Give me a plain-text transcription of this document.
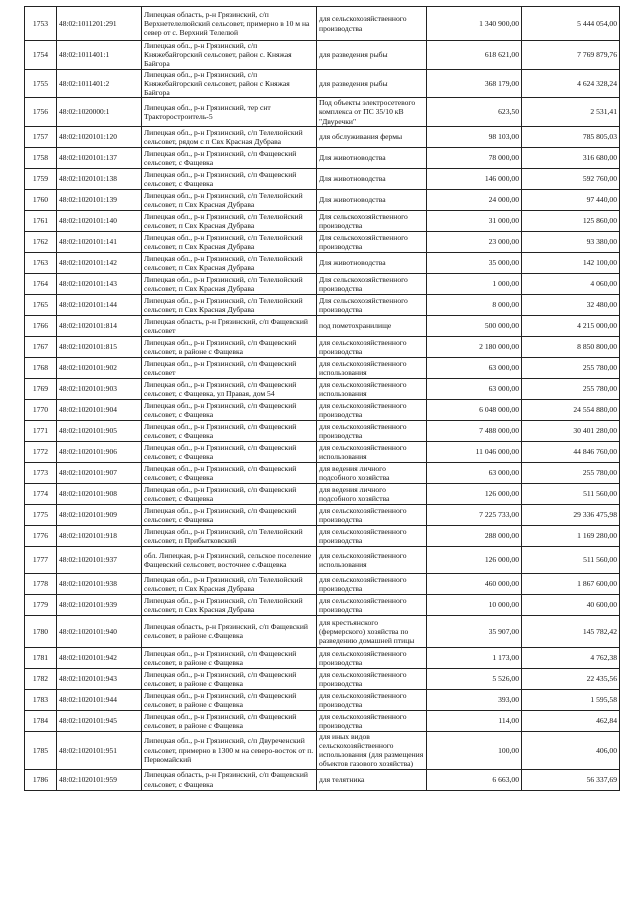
1753	48:02:1011201:291	Липецкая область, р-н Грязинский, с/п Верхнетелелюйский сельсовет, примерно в 10 м на север от с. Верхний Телелюй	для сельскохозяйственного производства	1 340 900,00	5 444 054,00
1754	48:02:1011401:1	Липецкая обл., р-н Грязинский, с/п Княжебайгорский сельсовет, район с. Княжая Байгора	для разведения рыбы	618 621,00	7 769 879,76
1755	48:02:1011401:2	Липецкая обл., р-н Грязинский, с/п Княжебайгорский сельсовет, район с Княжая Байгора	для разведения рыбы	368 179,00	4 624 328,24
1756	48:02:1020000:1	Липецкая обл., р-н Грязинский, тер снт Тракторостроитель-5	Под объекты электросетевого комплекса от ПС 35/10 кВ "Двуречки"	623,50	2 531,41
1757	48:02:1020101:120	Липецкая обл., р-н Грязинский, с/п Телелюйский сельсовет, рядом с п Свх Красная Дубрава	для обслуживания фермы	98 103,00	785 805,03
1758	48:02:1020101:137	Липецкая обл., р-н Грязинский, с/п Фащевский сельсовет, с Фащевка	Для животноводства	78 000,00	316 680,00
1759	48:02:1020101:138	Липецкая обл., р-н Грязинский, с/п Фащевский сельсовет, с Фащевка	Для животноводства	146 000,00	592 760,00
1760	48:02:1020101:139	Липецкая обл., р-н Грязинский, с/п Телелюйский сельсовет, п Свх Красная Дубрава	Для животноводства	24 000,00	97 440,00
1761	48:02:1020101:140	Липецкая обл., р-н Грязинский, с/п Телелюйский сельсовет, п Свх Красная Дубрава	Для сельскохозяйственного производства	31 000,00	125 860,00
1762	48:02:1020101:141	Липецкая обл., р-н Грязинский, с/п Телелюйский сельсовет, п Свх Красная Дубрава	Для сельскохозяйственного производства	23 000,00	93 380,00
1763	48:02:1020101:142	Липецкая обл., р-н Грязинский, с/п Телелюйский сельсовет, п Свх Красная Дубрава	Для животноводства	35 000,00	142 100,00
1764	48:02:1020101:143	Липецкая обл., р-н Грязинский, с/п Телелюйский сельсовет, п Свх Красная Дубрава	Для сельскохозяйственного производства	1 000,00	4 060,00
1765	48:02:1020101:144	Липецкая обл., р-н Грязинский, с/п Телелюйский сельсовет, п Свх Красная Дубрава	Для сельскохозяйственного производства	8 000,00	32 480,00
1766	48:02:1020101:814	Липецкая область, р-н Грязинский, с/п Фащевский сельсовет	под пометохранилище	500 000,00	4 215 000,00
1767	48:02:1020101:815	Липецкая обл., р-н Грязинский, с/п Фащевский сельсовет, в районе с Фащевка	для сельскохозяйственного производства	2 180 000,00	8 850 800,00
1768	48:02:1020101:902	Липецкая обл., р-н Грязинский, с/п Фащевский сельсовет	для сельскохозяйственного использования	63 000,00	255 780,00
1769	48:02:1020101:903	Липецкая обл., р-н Грязинский, с/п Фащевский сельсовет, с Фащевка, ул Правая, дом 54	для сельскохозяйственного использования	63 000,00	255 780,00
1770	48:02:1020101:904	Липецкая обл., р-н Грязинский, с/п Фащевский сельсовет, с Фащевка	для сельскохозяйственного производства	6 048 000,00	24 554 880,00
1771	48:02:1020101:905	Липецкая обл., р-н Грязинский, с/п Фащевский сельсовет, с Фащевка	для сельскохозяйственного производства	7 488 000,00	30 401 280,00
1772	48:02:1020101:906	Липецкая обл., р-н Грязинский, с/п Фащевский сельсовет, с Фащевка	для сельскохозяйственного использования	11 046 000,00	44 846 760,00
1773	48:02:1020101:907	Липецкая обл., р-н Грязинский, с/п Фащевский сельсовет, с Фащевка	для ведения личного подсобного хозяйства	63 000,00	255 780,00
1774	48:02:1020101:908	Липецкая обл., р-н Грязинский, с/п Фащевский сельсовет, с Фащевка	для ведения личного подсобного хозяйства	126 000,00	511 560,00
1775	48:02:1020101:909	Липецкая обл., р-н Грязинский, с/п Фащевский сельсовет, с Фащевка	для сельскохозяйственного производства	7 225 733,00	29 336 475,98
1776	48:02:1020101:918	Липецкая обл., р-н Грязинский, с/п Телелюйский сельсовет, п Прибытковский	для сельскохозяйственного производства	288 000,00	1 169 280,00
1777	48:02:1020101:937	обл. Липецкая, р-н Грязинский, сельское поселение Фащевский сельсовет, восточнее с.Фащевка	для сельскохозяйственного использования	126 000,00	511 560,00
1778	48:02:1020101:938	Липецкая обл., р-н Грязинский, с/п Телелюйский сельсовет, п Свх Красная Дубрава	для сельскохозяйственного производства	460 000,00	1 867 600,00
1779	48:02:1020101:939	Липецкая обл., р-н Грязинский, с/п Телелюйский сельсовет, п Свх Красная Дубрава	для сельскохозяйственного производства	10 000,00	40 600,00
1780	48:02:1020101:940	Липецкая область, р-н Грязинский, с/п Фащевский сельсовет, в районе с.Фащевка	для крестьянского (фермерского) хозяйства по разведению домашней птицы	35 907,00	145 782,42
1781	48:02:1020101:942	Липецкая обл., р-н Грязинский, с/п Фащевский сельсовет, в районе с Фащевка	для сельскохозяйственного производства	1 173,00	4 762,38
1782	48:02:1020101:943	Липецкая обл., р-н Грязинский, с/п Фащевский сельсовет, в районе с Фащевка	для сельскохозяйственного производства	5 526,00	22 435,56
1783	48:02:1020101:944	Липецкая обл., р-н Грязинский, с/п Фащевский сельсовет, в районе с Фащевка	для сельскохозяйственного производства	393,00	1 595,58
1784	48:02:1020101:945	Липецкая обл., р-н Грязинский, с/п Фащевский сельсовет, в районе с Фащевка	для сельскохозяйственного производства	114,00	462,84
1785	48:02:1020101:951	Липецкая обл., р-н Грязинский, с/п Двуреченский сельсовет, примерно в 1300 м на северо-восток от п. Первомайский	для иных видов сельскохозяйственного использования (для размещения объектов газового хозяйства)	100,00	406,00
1786	48:02:1020101:959	Липецкая область, р-н Грязинский, с/п Фащевский сельсовет, с Фащевка	для телятника	6 663,00	56 337,69
